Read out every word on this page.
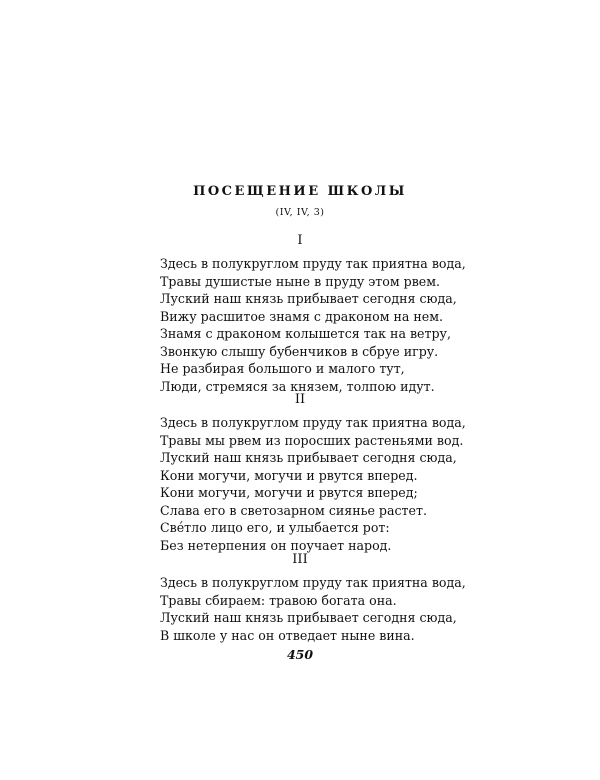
ПОСЕЩЕНИЕ ШКОЛЫ
(IV, IV, 3)
I
Здесь в полукруглом пруду так приятна вода,
Травы душистые ныне в пруду этом рвем.
Луский наш князь прибывает сегодня сюда,
Вижу расшитое знамя с драконом на нем.
Знамя с драконом колышется так на ветру,
Звонкую слышу бубенчиков в сбруе игру.
Не разбирая большого и малого тут,
Люди, стремяся за князем, толпою идут.
II
Здесь в полукруглом пруду так приятна вода,
Травы мы рвем из поросших растеньями вод.
Луский наш князь прибывает сегодня сюда,
Кони могучи, могучи и рвутся вперед.
Кони могучи, могучи и рвутся вперед;
Слава его в светозарном сиянье растет.
Свéтло лицо его, и улыбается рот:
Без нетерпения он поучает народ.
III
Здесь в полукруглом пруду так приятна вода,
Травы сбираем: травою богата она.
Луский наш князь прибывает сегодня сюда,
В школе у нас он отведает ныне вина.
450
